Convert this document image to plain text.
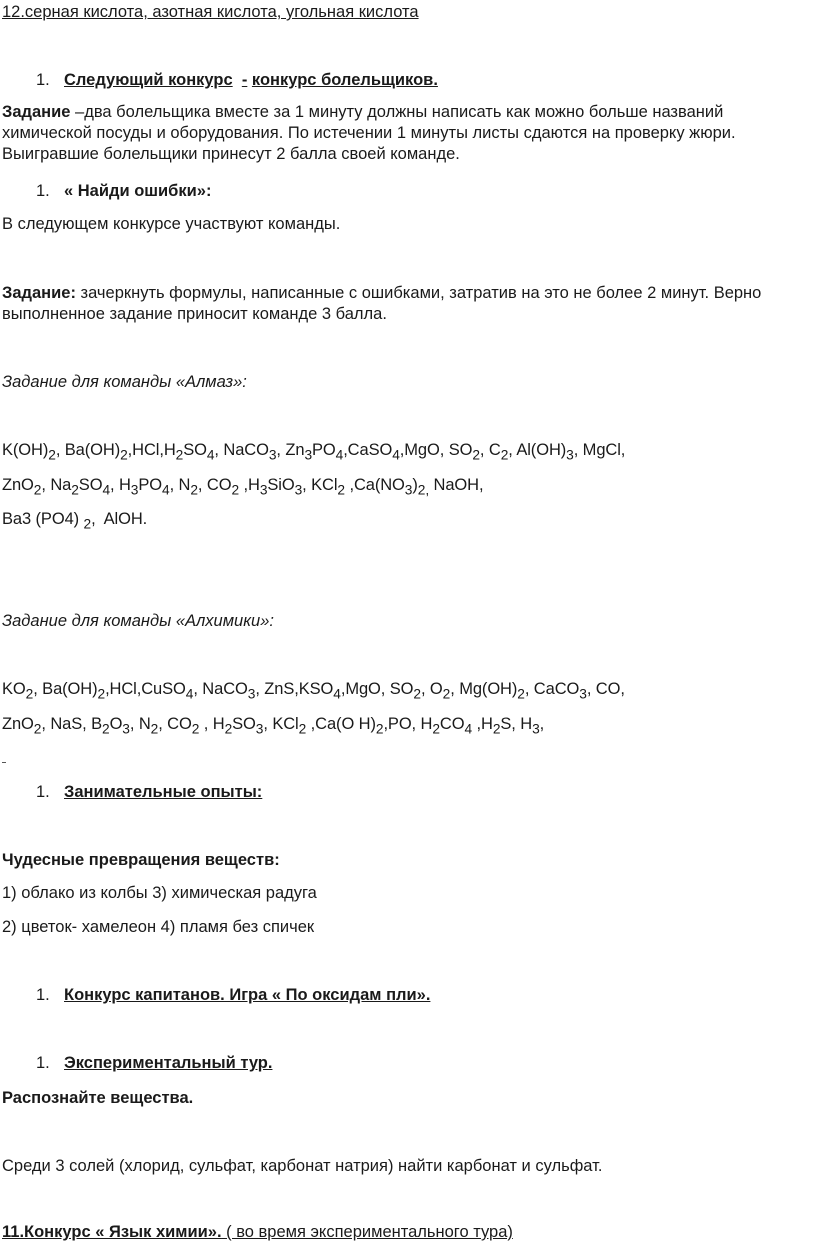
12.серная кислота, азотная кислота, угольная кислота
1. Следующий конкурс - конкурс болельщиков.
Задание –два болельщика вместе за 1 минуту должны написать как можно больше названий химической посуды и оборудования. По истечении 1 минуты листы сдаются на проверку жюри. Выигравшие болельщики принесут 2 балла своей команде.
1. « Найди ошибки»:
В следующем конкурсе участвуют команды.
Задание: зачеркнуть формулы, написанные с ошибками, затратив на это не более 2 минут. Верно выполненное задание приносит команде 3 балла.
Задание для команды «Алмаз»:
$K(OH)_2$, $Ba(OH)_2,HCl,H_2SO_4$, NaCO$_3$, $Zn_3PO_4,CaSO_4,MgO$, $SO_2$, $C_2$, $Al(OH)_3$, MgCl,
ZnO$_2$, $Na_2SO_4$, $H_3PO_4$, $N_2$, $CO_2$ $,H_3SiO_3$, KCl$_2$ $,Ca(NO_3)_{2,}$ NaOH,
Ba3 (PO4) $_2$,  AlOH.
Задание для команды «Алхимики»:
$KO_2$, $Ba(OH)_2,HCl,CuSO_4$, NaCO$_3$, $ZnS,KSO_4,MgO$, $SO_2$, $O_2$, $Mg(OH)_2$, CaCO$_3$, CO,
ZnO$_2$, NaS, $B_2O_3$, $N_2$, $CO_2$ , $H_2SO_3$, KCl$_2$ ,Ca(O $H)_2,PO$, $H_2CO_4$ $,H_2S$, $H_3$,
1. Занимательные опыты:
Чудесные превращения веществ:
1) облако из колбы 3) химическая радуга
2) цветок- хамелеон 4) пламя без спичек
1. Конкурс капитанов. Игра « По оксидам пли».
1. Экспериментальный тур.
Распознайте вещества.
Среди 3 солей (хлорид, сульфат, карбонат натрия) найти карбонат и сульфат.
11.Конкурс « Язык химии». ( во время экспериментального тура)
